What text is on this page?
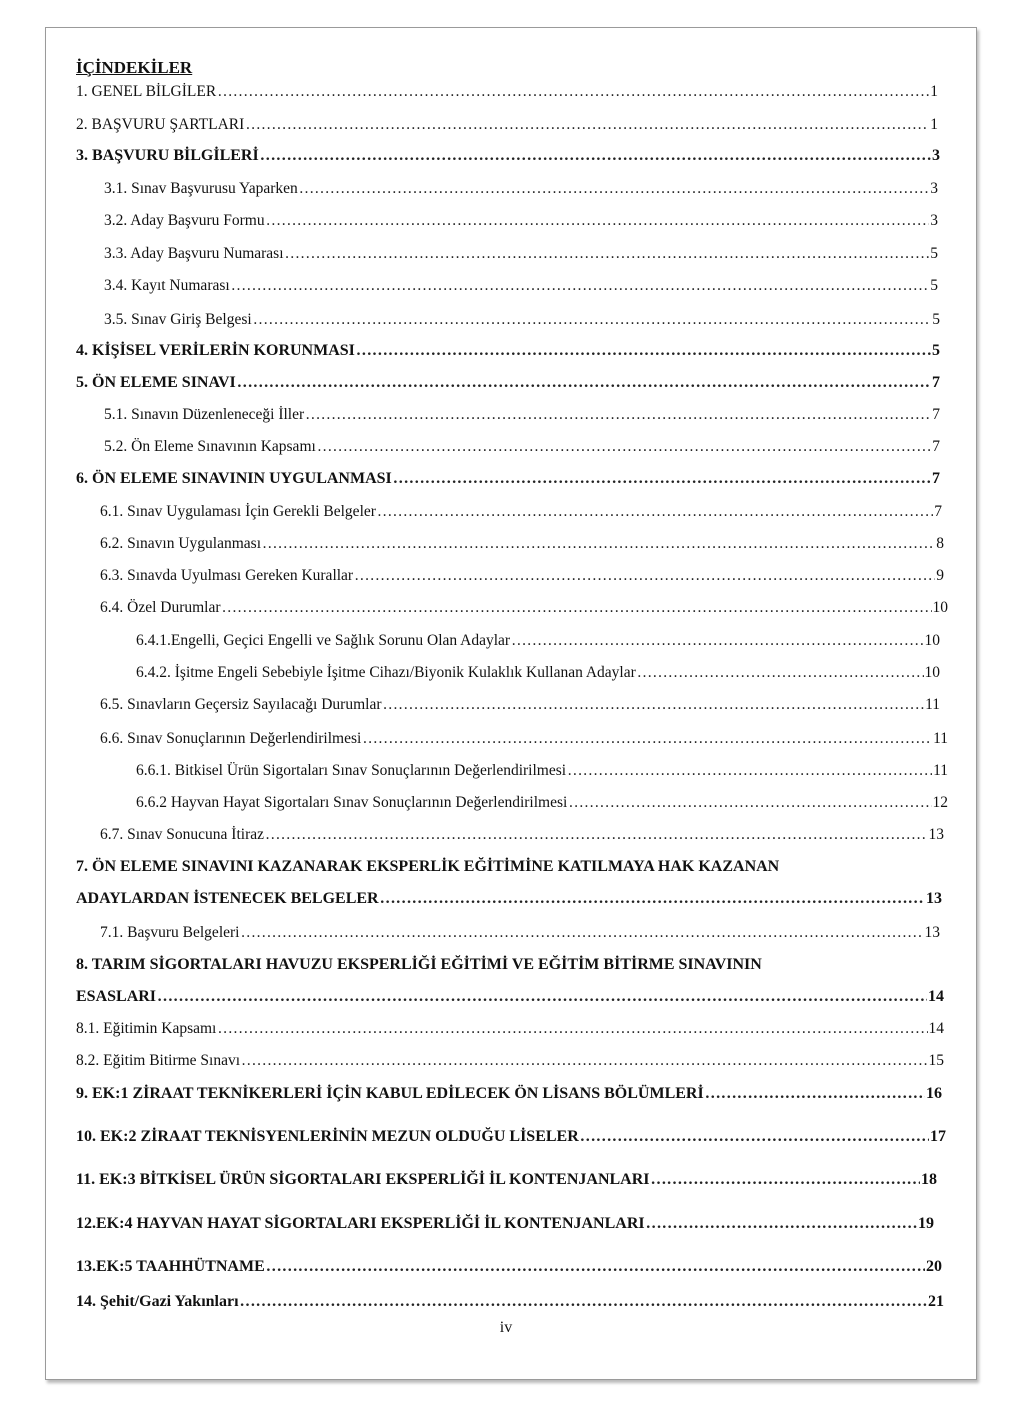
İÇİNDEKİLER
1. GENEL BİLGİLER …………………………………………………………………………………………………………………………………………………………………………………………………………………………………	1
2. BAŞVURU ŞARTLARI …………………………………………………………………………………………………………………………………………………………………………………………………………………………………	1
3. BAŞVURU BİLGİLERİ …………………………………………………………………………………………………………………………………………………………………………………………………………………………………	3
3.1. Sınav Başvurusu Yaparken …………………………………………………………………………………………………………………………………………………………………………………………………………………………………	3
3.2. Aday Başvuru Formu …………………………………………………………………………………………………………………………………………………………………………………………………………………………………	3
3.3. Aday Başvuru Numarası …………………………………………………………………………………………………………………………………………………………………………………………………………………………………	5
3.4. Kayıt Numarası …………………………………………………………………………………………………………………………………………………………………………………………………………………………………	5
3.5. Sınav Giriş Belgesi …………………………………………………………………………………………………………………………………………………………………………………………………………………………………	5
4. KİŞİSEL VERİLERİN KORUNMASI …………………………………………………………………………………………………………………………………………………………………………………………………………………………………	5
5. ÖN ELEME SINAVI …………………………………………………………………………………………………………………………………………………………………………………………………………………………………	7
5.1. Sınavın Düzenleneceği İller …………………………………………………………………………………………………………………………………………………………………………………………………………………………………	7
5.2. Ön Eleme Sınavının Kapsamı …………………………………………………………………………………………………………………………………………………………………………………………………………………………………	7
6. ÖN ELEME SINAVININ UYGULANMASI …………………………………………………………………………………………………………………………………………………………………………………………………………………………………	7
6.1. Sınav Uygulaması İçin Gerekli Belgeler …………………………………………………………………………………………………………………………………………………………………………………………………………………………………	7
6.2. Sınavın Uygulanması …………………………………………………………………………………………………………………………………………………………………………………………………………………………………	8
6.3. Sınavda Uyulması Gereken Kurallar …………………………………………………………………………………………………………………………………………………………………………………………………………………………………	9
6.4. Özel Durumlar …………………………………………………………………………………………………………………………………………………………………………………………………………………………………	10
6.4.1.Engelli, Geçici Engelli ve Sağlık Sorunu Olan Adaylar …………………………………………………………………………………………………………………………………………………………………………………………………………………………………	10
6.4.2. İşitme Engeli Sebebiyle İşitme Cihazı/Biyonik Kulaklık Kullanan Adaylar …………………………………………………………………………………………………………………………………………………………………………………………………………………………………	10
6.5. Sınavların Geçersiz Sayılacağı Durumlar …………………………………………………………………………………………………………………………………………………………………………………………………………………………………	11
6.6. Sınav Sonuçlarının Değerlendirilmesi …………………………………………………………………………………………………………………………………………………………………………………………………………………………………	11
6.6.1. Bitkisel Ürün Sigortaları Sınav Sonuçlarının Değerlendirilmesi …………………………………………………………………………………………………………………………………………………………………………………………………………………………………	11
6.6.2 Hayvan Hayat Sigortaları Sınav Sonuçlarının Değerlendirilmesi …………………………………………………………………………………………………………………………………………………………………………………………………………………………………	12
6.7. Sınav Sonucuna İtiraz …………………………………………………………………………………………………………………………………………………………………………………………………………………………………	13
7. ÖN ELEME SINAVINI KAZANARAK EKSPERLİK EĞİTİMİNE KATILMAYA HAK KAZANAN
ADAYLARDAN İSTENECEK BELGELER …………………………………………………………………………………………………………………………………………………………………………………………………………………………………	13
7.1. Başvuru Belgeleri …………………………………………………………………………………………………………………………………………………………………………………………………………………………………	13
8. TARIM SİGORTALARI HAVUZU EKSPERLİĞİ EĞİTİMİ VE EĞİTİM BİTİRME SINAVININ
ESASLARI …………………………………………………………………………………………………………………………………………………………………………………………………………………………………	14
8.1. Eğitimin Kapsamı …………………………………………………………………………………………………………………………………………………………………………………………………………………………………	14
8.2. Eğitim Bitirme Sınavı …………………………………………………………………………………………………………………………………………………………………………………………………………………………………	15
9. EK:1 ZİRAAT TEKNİKERLERİ İÇİN KABUL EDİLECEK ÖN LİSANS BÖLÜMLERİ …………………………………………………………………………………………………………………………………………………………………………………………………………………………………	16
10. EK:2 ZİRAAT TEKNİSYENLERİNİN MEZUN OLDUĞU LİSELER …………………………………………………………………………………………………………………………………………………………………………………………………………………………………	17
11. EK:3 BİTKİSEL ÜRÜN SİGORTALARI EKSPERLİĞİ İL KONTENJANLARI …………………………………………………………………………………………………………………………………………………………………………………………………………………………………	18
12.EK:4 HAYVAN HAYAT SİGORTALARI EKSPERLİĞİ İL KONTENJANLARI …………………………………………………………………………………………………………………………………………………………………………………………………………………………………	19
13.EK:5 TAAHHÜTNAME …………………………………………………………………………………………………………………………………………………………………………………………………………………………………	20
14. Şehit/Gazi Yakınları …………………………………………………………………………………………………………………………………………………………………………………………………………………………………	21
iv
